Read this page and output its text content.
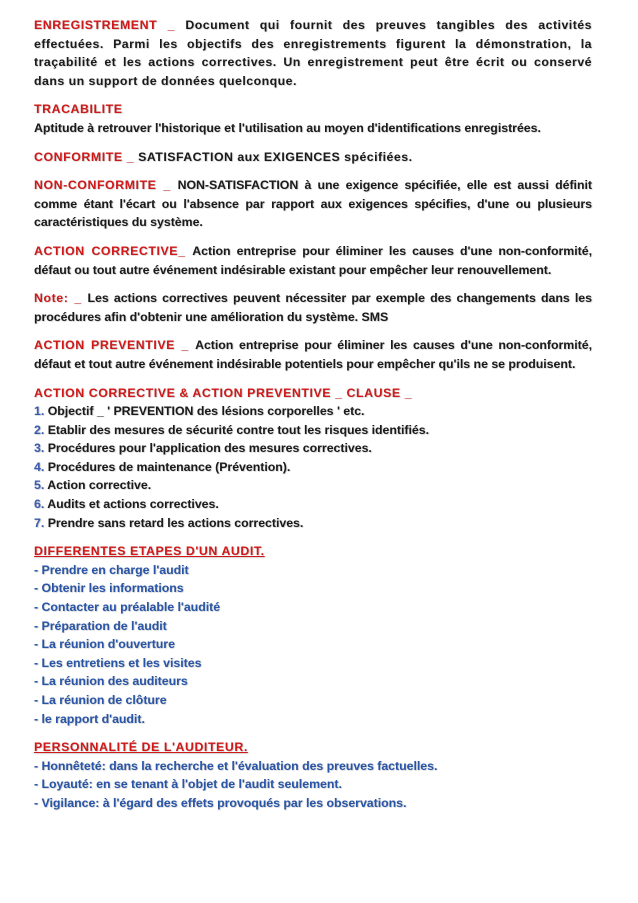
ENREGISTREMENT _ Document qui fournit des preuves tangibles des activités effectuées. Parmi les objectifs des enregistrements figurent la démonstration, la traçabilité et les actions correctives. Un enregistrement peut être écrit ou conservé dans un support de données quelconque.

TRACABILITE

Aptitude à retrouver l'historique et l'utilisation au moyen d'identifications enregistrées.

CONFORMITE _ SATISFACTION aux EXIGENCES spécifiées.

NON-CONFORMITE _ NON-SATISFACTION à une exigence spécifiée, elle est aussi définit comme étant l'écart ou l'absence par rapport aux exigences spécifies, d'une ou plusieurs caractéristiques du système.

ACTION CORRECTIVE_ Action entreprise pour éliminer les causes d'une non-conformité, défaut ou tout autre événement indésirable existant pour empêcher leur renouvellement.

Note: _ Les actions correctives peuvent nécessiter par exemple des changements dans les procédures afin d'obtenir une amélioration du système. SMS

ACTION PREVENTIVE _ Action entreprise pour éliminer les causes d'une non-conformité, défaut et tout autre événement indésirable potentiels pour empêcher qu'ils ne se produisent.

ACTION CORRECTIVE & ACTION PREVENTIVE _ CLAUSE _

1. Objectif _ ' PREVENTION des lésions corporelles ' etc.
2. Etablir des mesures de sécurité contre tout les risques identifiés.
3. Procédures pour l'application des mesures correctives.
4. Procédures de maintenance (Prévention).
5. Action corrective.
6. Audits et actions correctives.
7. Prendre sans retard les actions correctives.

DIFFERENTES ETAPES D'UN AUDIT.

- Prendre en charge l'audit
- Obtenir les informations
- Contacter au préalable l'audité
- Préparation de l'audit
- La réunion d'ouverture
- Les entretiens et les visites
- La réunion des auditeurs
- La réunion de clôture
- le rapport d'audit.

PERSONNALITÉ DE L'AUDITEUR.

- Honnêteté: dans la recherche et l'évaluation des preuves factuelles.
- Loyauté: en se tenant à l'objet de l'audit seulement.
- Vigilance: à l'égard des effets provoqués par les observations.
